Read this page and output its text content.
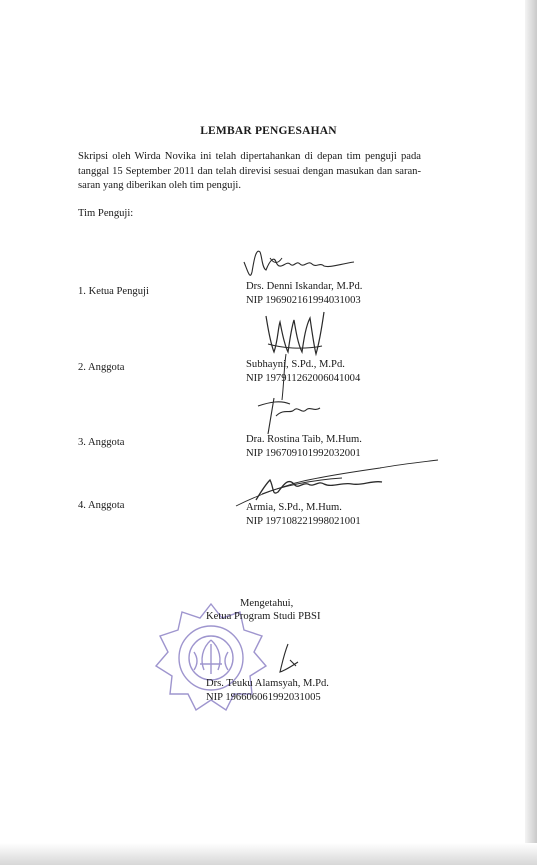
LEMBAR PENGESAHAN
Skripsi oleh Wirda Novika ini telah dipertahankan di depan tim penguji pada
tanggal 15 September 2011 dan telah direvisi sesuai dengan masukan dan saran-
saran yang diberikan oleh tim penguji.
Tim Penguji:
1. Ketua Penguji	Drs. Denni Iskandar, M.Pd.
NIP 196902161994031003
2. Anggota	Subhayni, S.Pd., M.Pd.
NIP 197911262006041004
3. Anggota	Dra. Rostina Taib, M.Hum.
NIP 196709101992032001
4. Anggota	Armia, S.Pd., M.Hum.
NIP 197108221998021001
Mengetahui,
Ketua Program Studi PBSI
Drs. Teuku Alamsyah, M.Pd.
NIP 196606061992031005
